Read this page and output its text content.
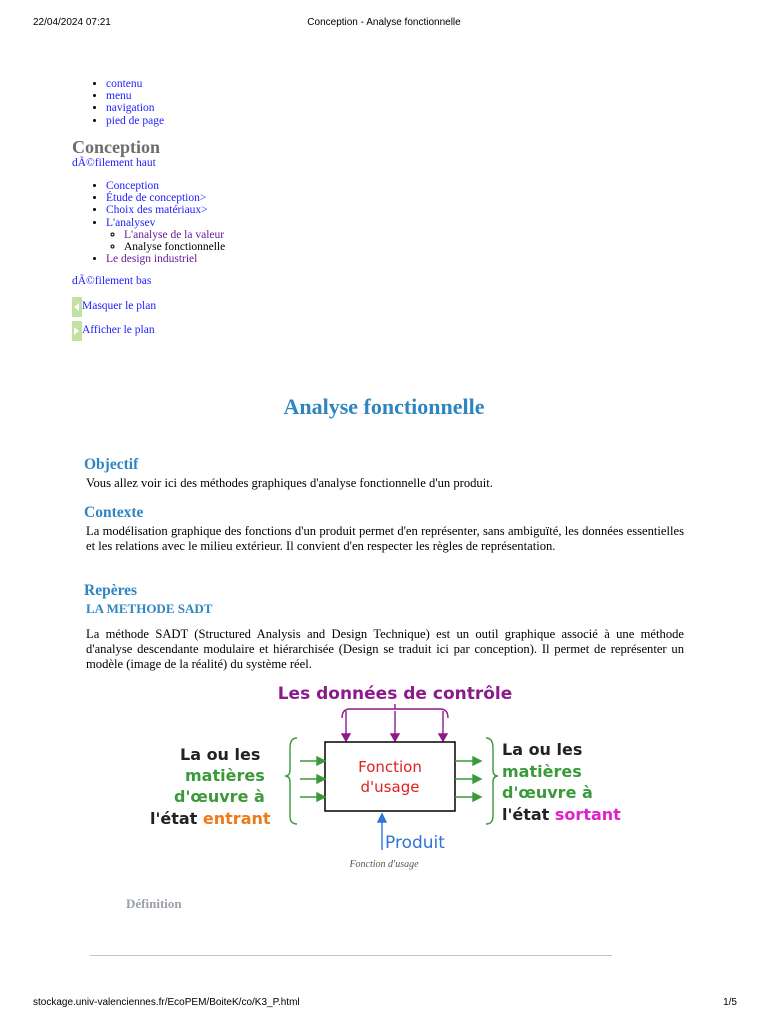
22/04/2024 07:21	Conception - Analyse fonctionnelle
• contenu
• menu
• navigation
• pied de page
Conception
dÃ©filement haut
• Conception
• Étude de conception>
• Choix des matériaux>
• L'analysev
◦ L'analyse de la valeur
◦ Analyse fonctionnelle
• Le design industriel
dÃ©filement bas
Masquer le plan
Afficher le plan
Analyse fonctionnelle
Objectif

Vous allez voir ici des méthodes graphiques d'analyse fonctionnelle d'un produit.

Contexte

La modélisation graphique des fonctions d'un produit permet d'en représenter, sans ambiguïté, les données essentielles et les relations avec le milieu extérieur. Il convient d'en respecter les règles de représentation.

Repères
LA METHODE SADT

La méthode SADT (Structured Analysis and Design Technique) est un outil graphique associé à une méthode d'analyse descendante modulaire et hiérarchisée (Design se traduit ici par conception). Il permet de représenter un modèle (image de la réalité) du système réel.

Les données de contrôle
Fonction
d'usage
La ou les
matières
d'œuvre à
l'état entrant
La ou les
matières
d'œuvre à
l'état sortant
Produit
Fonction d'usage
Définition
stockage.univ-valenciennes.fr/EcoPEM/BoiteK/co/K3_P.html	1/5
